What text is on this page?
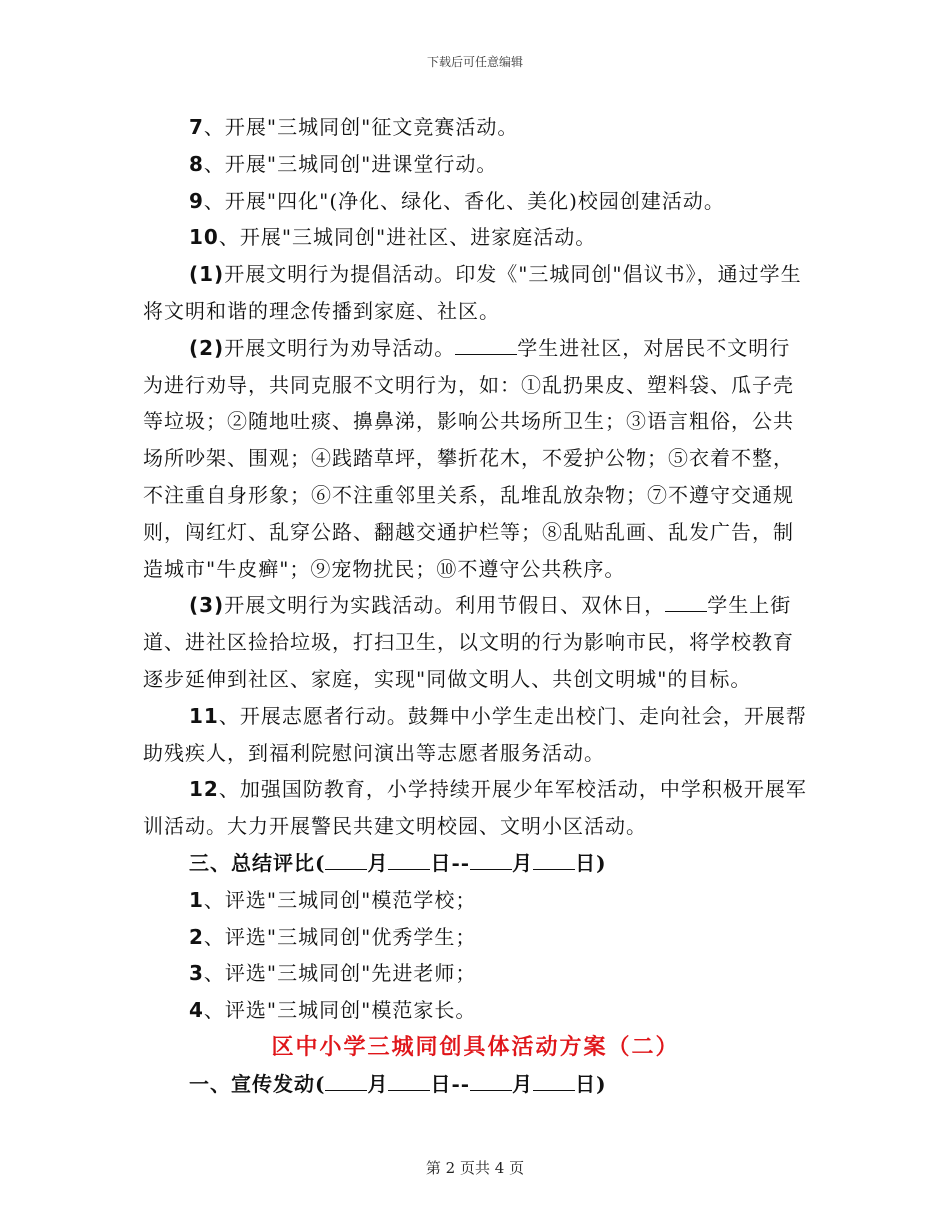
下载后可任意编辑

7、开展"三城同创"征文竞赛活动。

8、开展"三城同创"进课堂行动。

9、开展"四化"(净化、绿化、香化、美化)校园创建活动。

10、开展"三城同创"进社区、进家庭活动。

(1)开展文明行为提倡活动。印发《"三城同创"倡议书》，通过学生将文明和谐的理念传播到家庭、社区。

(2)开展文明行为劝导活动。	学生进社区，对居民不文明行为进行劝导，共同克服不文明行为，如：①乱扔果皮、塑料袋、瓜子壳等垃圾；②随地吐痰、擤鼻涕，影响公共场所卫生；③语言粗俗，公共场所吵架、围观；④践踏草坪，攀折花木，不爱护公物；⑤衣着不整，不注重自身形象；⑥不注重邻里关系，乱堆乱放杂物；⑦不遵守交通规则，闯红灯、乱穿公路、翻越交通护栏等；⑧乱贴乱画、乱发广告，制造城市"牛皮癣"；⑨宠物扰民；⑩不遵守公共秩序。

(3)开展文明行为实践活动。利用节假日、双休日， 学生上街道、进社区捡拾垃圾，打扫卫生，以文明的行为影响市民，将学校教育逐步延伸到社区、家庭，实现"同做文明人、共创文明城"的目标。

11、开展志愿者行动。鼓舞中小学生走出校门、走向社会，开展帮助残疾人，到福利院慰问演出等志愿者服务活动。

12、加强国防教育，小学持续开展少年军校活动，中学积极开展军训活动。大力开展警民共建文明校园、文明小区活动。

三、总结评比( 月 日-- 月 日)

1、评选"三城同创"模范学校；

2、评选"三城同创"优秀学生；

3、评选"三城同创"先进老师；

4、评选"三城同创"模范家长。

区中小学三城同创具体活动方案（二）

一、宣传发动( 月 日-- 月 日)

第 2 页共 4 页
